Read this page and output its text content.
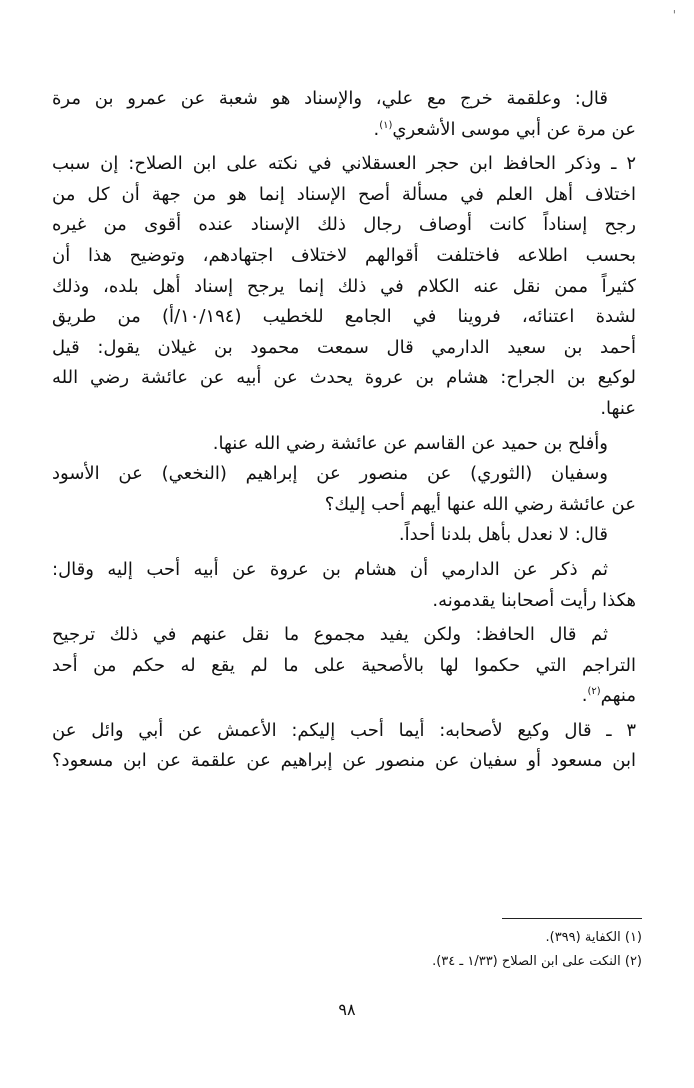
'
قال: وعلقمة خرج مع علي، والإسناد هو شعبة عن عمرو بن مرة
عن مرة عن أبي موسى الأشعري$^{(١)}$.
٢ ـ وذكر الحافظ ابن حجر العسقلاني في نكته على ابن الصلاح: إن سبب
اختلاف أهل العلم في مسألة أصح الإسناد إنما هو من جهة أن كل من
رجح إسناداً كانت أوصاف رجال ذلك الإسناد عنده أقوى من غيره
بحسب اطلاعه فاختلفت أقوالهم لاختلاف اجتهادهم، وتوضيح هذا أن
كثيراً ممن نقل عنه الكلام في ذلك إنما يرجح إسناد أهل بلده، وذلك
لشدة اعتنائه، فروينا في الجامع للخطيب (١٠/١٩٤/أ) من طريق
أحمد بن سعيد الدارمي قال سمعت محمود بن غيلان يقول: قيل
لوكيع بن الجراح: هشام بن عروة يحدث عن أبيه عن عائشة رضي الله
عنها.
وأفلح بن حميد عن القاسم عن عائشة رضي الله عنها.
وسفيان (الثوري) عن منصور عن إبراهيم (النخعي) عن الأسود
عن عائشة رضي الله عنها أيهم أحب إليك؟
قال: لا نعدل بأهل بلدنا أحداً.
ثم ذكر عن الدارمي أن هشام بن عروة عن أبيه أحب إليه وقال:
هكذا رأيت أصحابنا يقدمونه.
ثم قال الحافظ: ولكن يفيد مجموع ما نقل عنهم في ذلك ترجيح
التراجم التي حكموا لها بالأصحية على ما لم يقع له حكم من أحد
منهم$^{(٢)}$.
٣ ـ قال وكيع لأصحابه: أيما أحب إليكم: الأعمش عن أبي وائل عن
ابن مسعود أو سفيان عن منصور عن إبراهيم عن علقمة عن ابن مسعود؟
(١) الكفاية (٣٩٩).
(٢) النكت على ابن الصلاح (١/٣٣ ـ ٣٤).
٩٨
